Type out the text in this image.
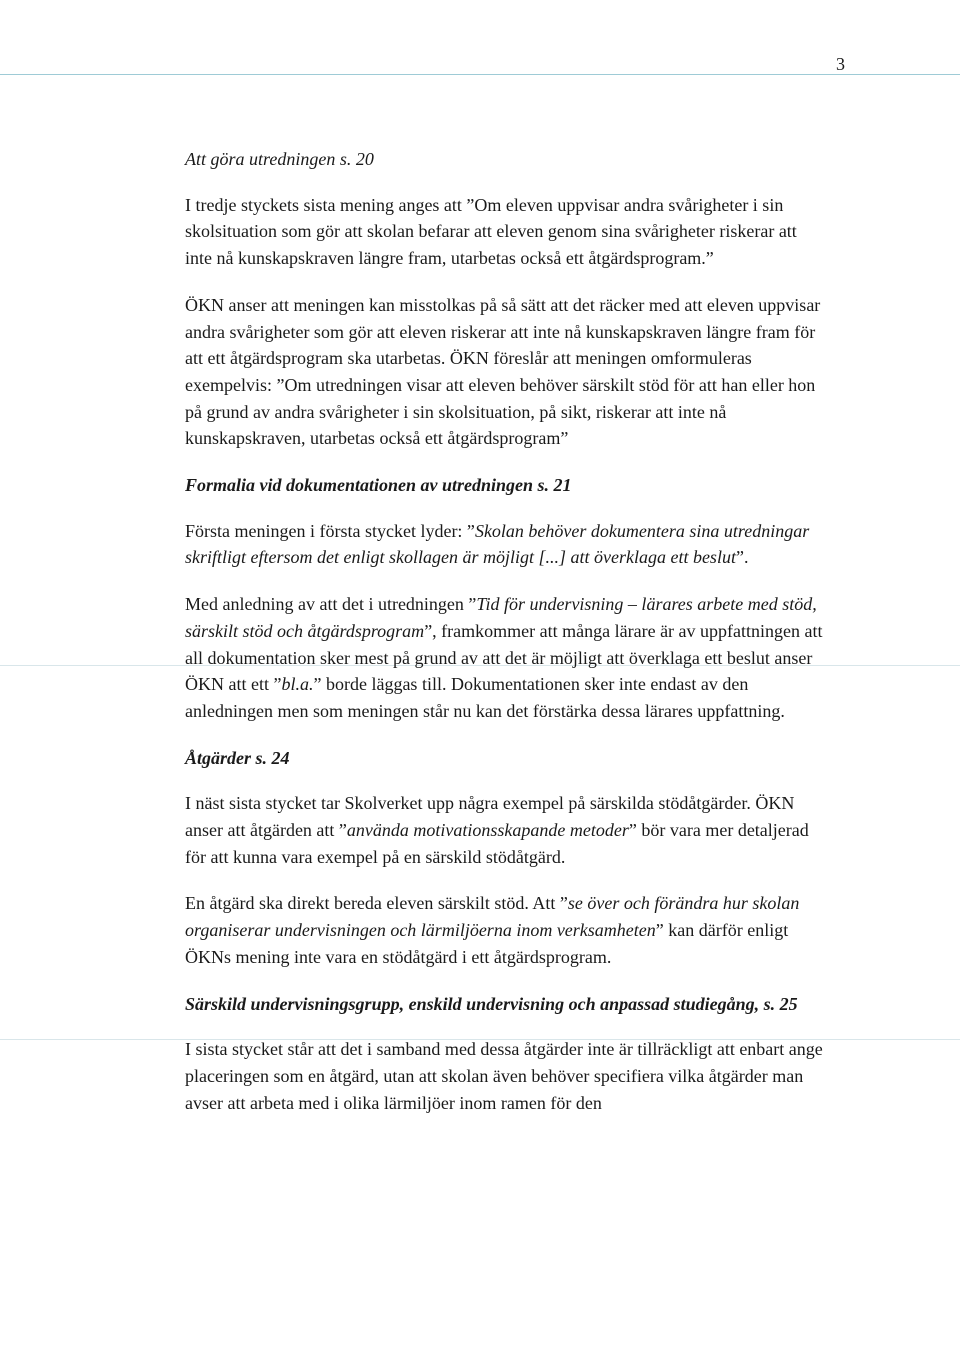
3

Att göra utredningen s. 20

I tredje styckets sista mening anges att ”Om eleven uppvisar andra svårigheter i sin skolsituation som gör att skolan befarar att eleven genom sina svårigheter riskerar att inte nå kunskapskraven längre fram, utarbetas också ett åtgärdsprogram.”

ÖKN anser att meningen kan misstolkas på så sätt att det räcker med att eleven uppvisar andra svårigheter som gör att eleven riskerar att inte nå kunskapskraven längre fram för att ett åtgärdsprogram ska utarbetas. ÖKN föreslår att meningen omformuleras exempelvis: ”Om utredningen visar att eleven behöver särskilt stöd för att han eller hon på grund av andra svårigheter i sin skolsituation, på sikt, riskerar att inte nå kunskapskraven, utarbetas också ett åtgärdsprogram”

Formalia vid dokumentationen av utredningen s. 21

Första meningen i första stycket lyder: ”Skolan behöver dokumentera sina utredningar skriftligt eftersom det enligt skollagen är möjligt [...] att överklaga ett beslut”.

Med anledning av att det i utredningen ”Tid för undervisning – lärares arbete med stöd, särskilt stöd och åtgärdsprogram”, framkommer att många lärare är av uppfattningen att all dokumentation sker mest på grund av att det är möjligt att överklaga ett beslut anser ÖKN att ett ”bl.a.” borde läggas till. Dokumentationen sker inte endast av den anledningen men som meningen står nu kan det förstärka dessa lärares uppfattning.

Åtgärder s. 24

I näst sista stycket tar Skolverket upp några exempel på särskilda stödåtgärder. ÖKN anser att åtgärden att ”använda motivationsskapande metoder” bör vara mer detaljerad för att kunna vara exempel på en särskild stödåtgärd.

En åtgärd ska direkt bereda eleven särskilt stöd. Att ”se över och förändra hur skolan organiserar undervisningen och lärmiljöerna inom verksamheten” kan därför enligt ÖKNs mening inte vara en stödåtgärd i ett åtgärdsprogram.

Särskild undervisningsgrupp, enskild undervisning och anpassad studiegång, s. 25

I sista stycket står att det i samband med dessa åtgärder inte är tillräckligt att enbart ange placeringen som en åtgärd, utan att skolan även behöver specifiera vilka åtgärder man avser att arbeta med i olika lärmiljöer inom ramen för den
